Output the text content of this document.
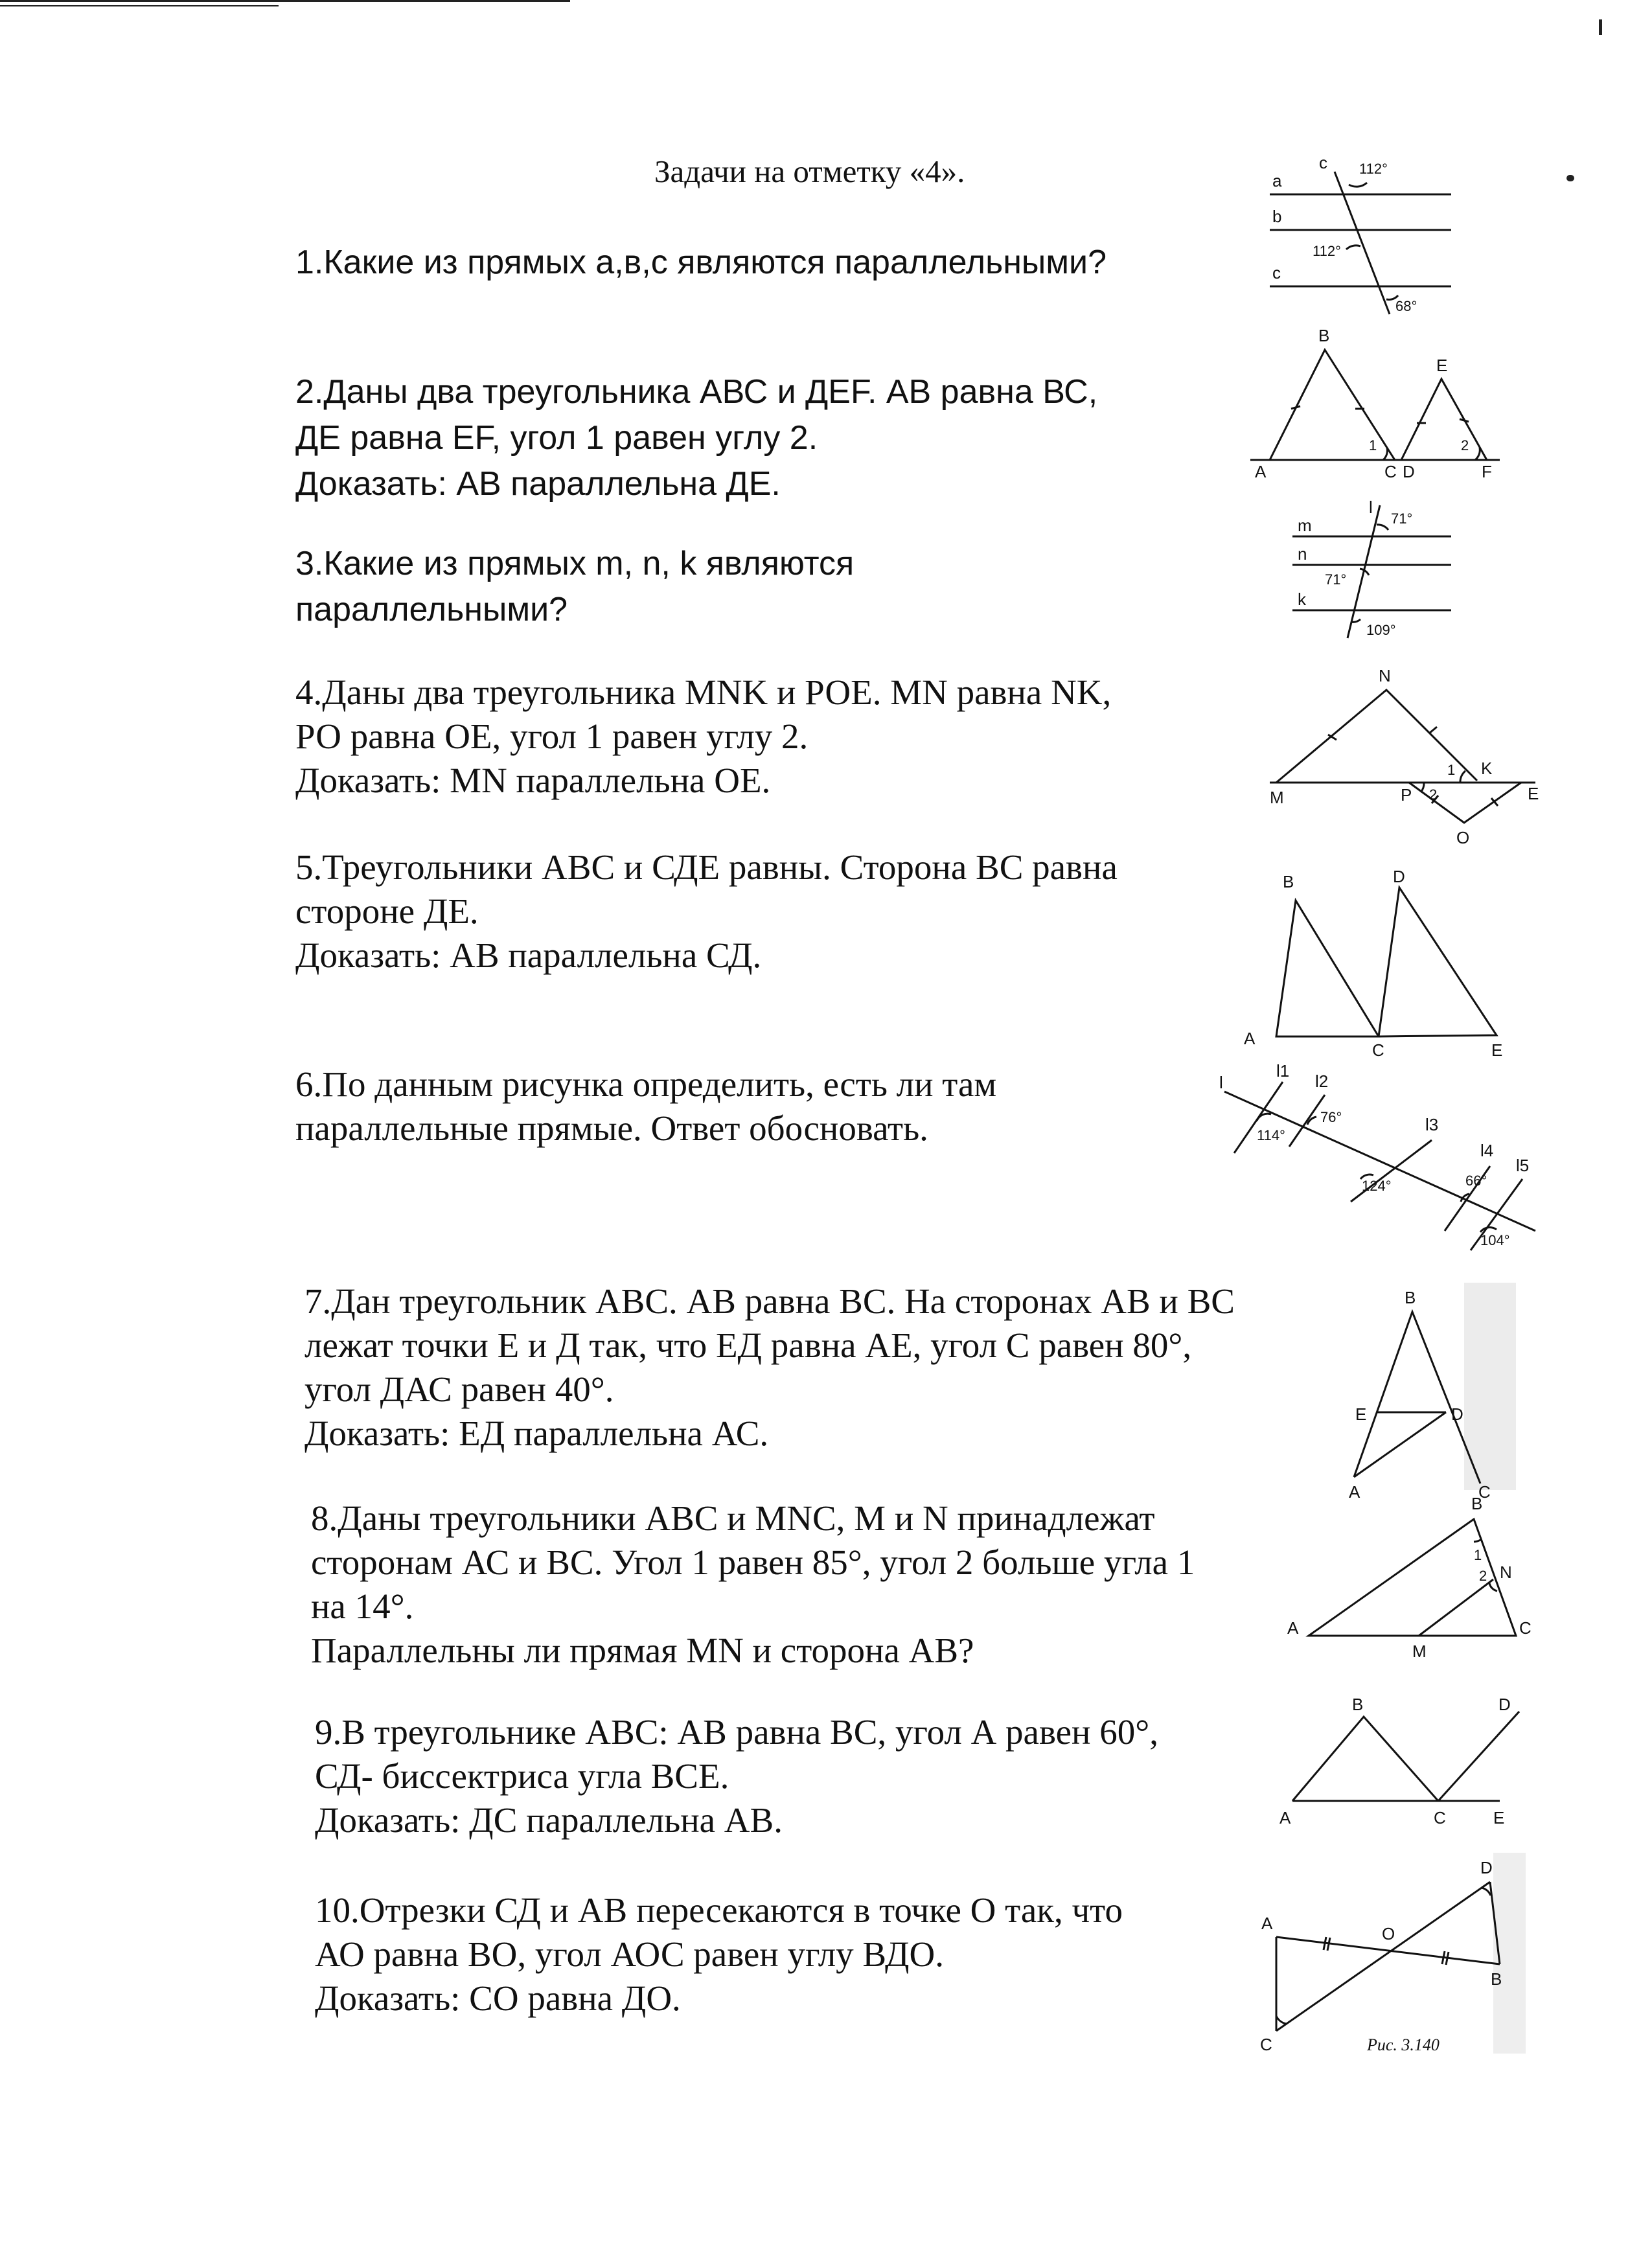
Задачи на отметку «4».
1.Какие из прямых а,в,с являются параллельными?
2.Даны два треугольника АВС и ДЕF. АВ равна ВС,
ДЕ равна ЕF, угол 1 равен углу 2.
Доказать: АВ параллельна ДЕ.
3.Какие из прямых m, n, k являются
параллельными?
4.Даны два треугольника MNK и РОЕ. MN равна NK,
РО равна ОЕ, угол 1 равен углу 2.
Доказать: MN параллельна ОЕ.
5.Треугольники АВС и СДЕ равны. Сторона ВС равна
стороне ДЕ.
Доказать: АВ параллельна СД.
6.По данным рисунка определить, есть ли там
параллельные прямые. Ответ обосновать.
7.Дан треугольник АВС. АВ равна ВС. На сторонах АВ и ВС
лежат точки Е и Д так, что ЕД равна АЕ, угол С равен 80°,
угол ДАС равен 40°.
Доказать: ЕД параллельна АС.
8.Даны треугольники АВС и МNC, М и N принадлежат
сторонам АС и ВС. Угол 1 равен 85°, угол 2 больше угла 1
на 14°.
Параллельны ли прямая МN и сторона АВ?
9.В треугольнике АВС: АВ равна ВС, угол А равен 60°,
СД- биссектриса угла ВСЕ.
Доказать: ДС параллельна АВ.
10.Отрезки СД и АВ пересекаются в точке О так, что
АО равна ВО, угол АОС равен углу ВДО.
Доказать: СО равна ДО.
a
b
c
c 112°
112°
68°
A
B
C D
E
F
1	2
m
n
k
l
71°
71°
109°
M
N
K
P
O
E
1
2
B	D
A
C	E
l
l1
l2
l3
l4
l5
114°
76°
124°	66°
104°
B
E	D
A	C
B
N
A
M
C
1
2
B	D
A	C	E
A
D
O
B
C	Рис. 3.140
